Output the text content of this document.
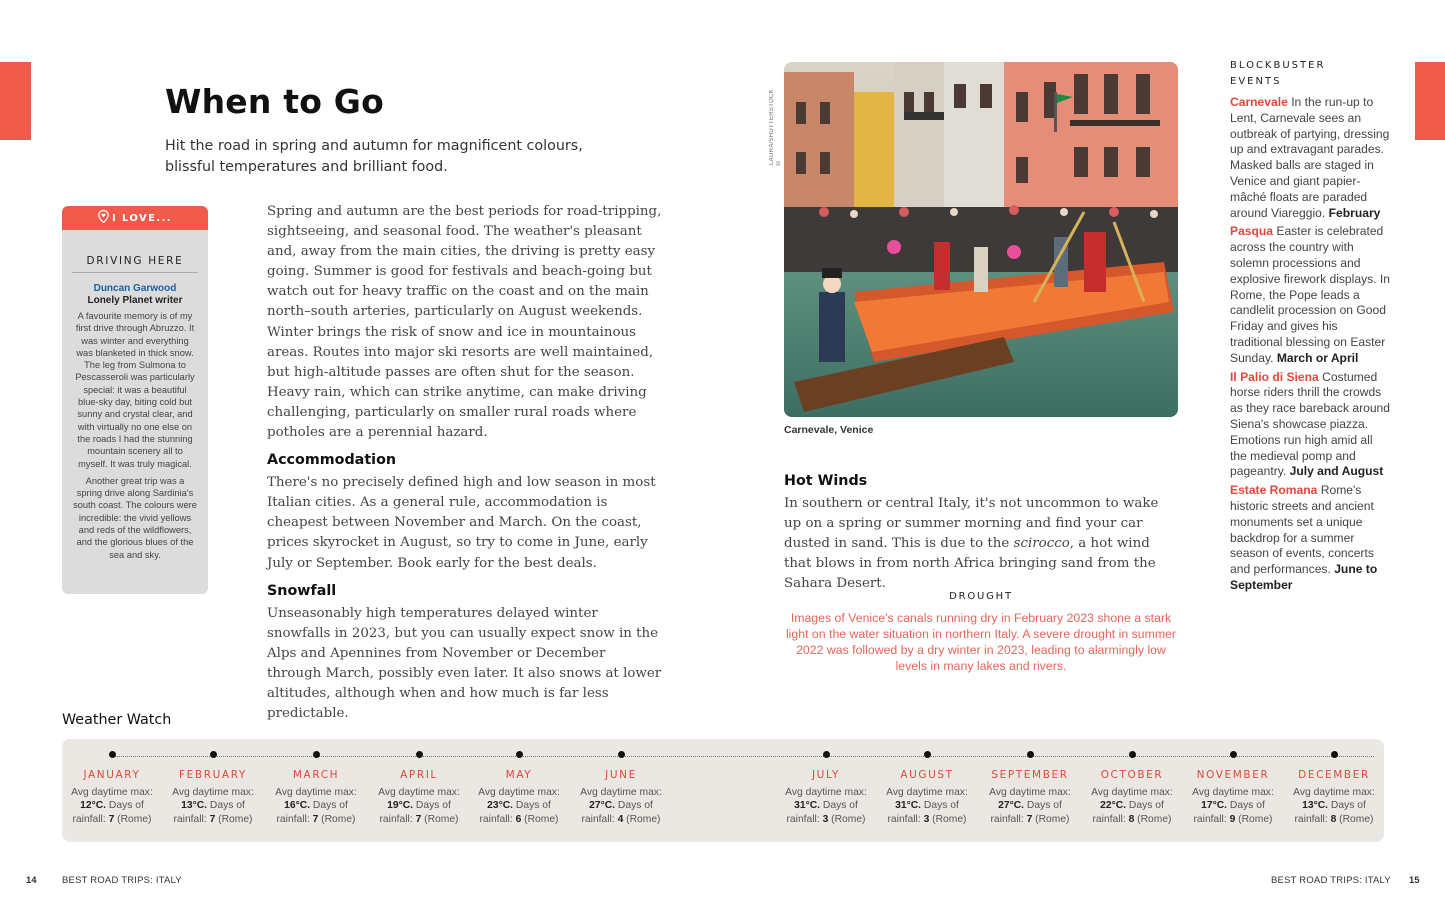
When to Go

Hit the road in spring and autumn for magnificent colours, blissful temperatures and brilliant food.

I LOVE...
DRIVING HERE
Duncan Garwood
Lonely Planet writer

A favourite memory is of my first drive through Abruzzo. It was winter and everything was blanketed in thick snow. The leg from Sulmona to Pescasseroli was particularly special: it was a beautiful blue-sky day, biting cold but sunny and crystal clear, and with virtually no one else on the roads I had the stunning mountain scenery all to myself. It was truly magical.

Another great trip was a spring drive along Sardinia's south coast. The colours were incredible: the vivid yellows and reds of the wildflowers, and the glorious blues of the sea and sky.

Spring and autumn are the best periods for road-tripping, sightseeing, and seasonal food. The weather's pleasant and, away from the main cities, the driving is pretty easy going. Summer is good for festivals and beach-going but watch out for heavy traffic on the coast and on the main north–south arteries, particularly on August weekends. Winter brings the risk of snow and ice in mountainous areas. Routes into major ski resorts are well maintained, but high-altitude passes are often shut for the season. Heavy rain, which can strike anytime, can make driving challenging, particularly on smaller rural roads where potholes are a perennial hazard.

Accommodation

There's no precisely defined high and low season in most Italian cities. As a general rule, accommodation is cheapest between November and March. On the coast, prices skyrocket in August, so try to come in June, early July or September. Book early for the best deals.

Snowfall

Unseasonably high temperatures delayed winter snowfalls in 2023, but you can usually expect snow in the Alps and Apennines from November or December through March, possibly even later. It also snows at lower altitudes, although when and how much is far less predictable.

LAURA/SHUTTERSTOCK ©
Carnevale, Venice
Hot Winds

In southern or central Italy, it's not uncommon to wake up on a spring or summer morning and find your car dusted in sand. This is due to the scirocco, a hot wind that blows in from north Africa bringing sand from the Sahara Desert.

DROUGHT
Images of Venice's canals running dry in February 2023 shone a stark light on the water situation in northern Italy. A severe drought in summer 2022 was followed by a dry winter in 2023, leading to alarmingly low levels in many lakes and rivers.
BLOCKBUSTER EVENTS
Carnevale In the run-up to Lent, Carnevale sees an outbreak of partying, dressing up and extravagant parades. Masked balls are staged in Venice and giant papier-mâché floats are paraded around Viareggio. February
Pasqua Easter is celebrated across the country with solemn processions and explosive firework displays. In Rome, the Pope leads a candlelit procession on Good Friday and gives his traditional blessing on Easter Sunday. March or April
Il Palio di Siena Costumed horse riders thrill the crowds as they race bareback around Siena's showcase piazza. Emotions run high amid all the medieval pomp and pageantry. July and August
Estate Romana Rome's historic streets and ancient monuments set a unique backdrop for a summer season of events, concerts and performances. June to September
Weather Watch
JANUARY
Avg daytime max: 12°C. Days of rainfall: 7 (Rome)
FEBRUARY
Avg daytime max: 13°C. Days of rainfall: 7 (Rome)
MARCH
Avg daytime max: 16°C. Days of rainfall: 7 (Rome)
APRIL
Avg daytime max: 19°C. Days of rainfall: 7 (Rome)
MAY
Avg daytime max: 23°C. Days of rainfall: 6 (Rome)
JUNE
Avg daytime max: 27°C. Days of rainfall: 4 (Rome)
JULY
Avg daytime max: 31°C. Days of rainfall: 3 (Rome)
AUGUST
Avg daytime max: 31°C. Days of rainfall: 3 (Rome)
SEPTEMBER
Avg daytime max: 27°C. Days of rainfall: 7 (Rome)
OCTOBER
Avg daytime max: 22°C. Days of rainfall: 8 (Rome)
NOVEMBER
Avg daytime max: 17°C. Days of rainfall: 9 (Rome)
DECEMBER
Avg daytime max: 13°C. Days of rainfall: 8 (Rome)
14	BEST ROAD TRIPS: ITALY	BEST ROAD TRIPS: ITALY 15
